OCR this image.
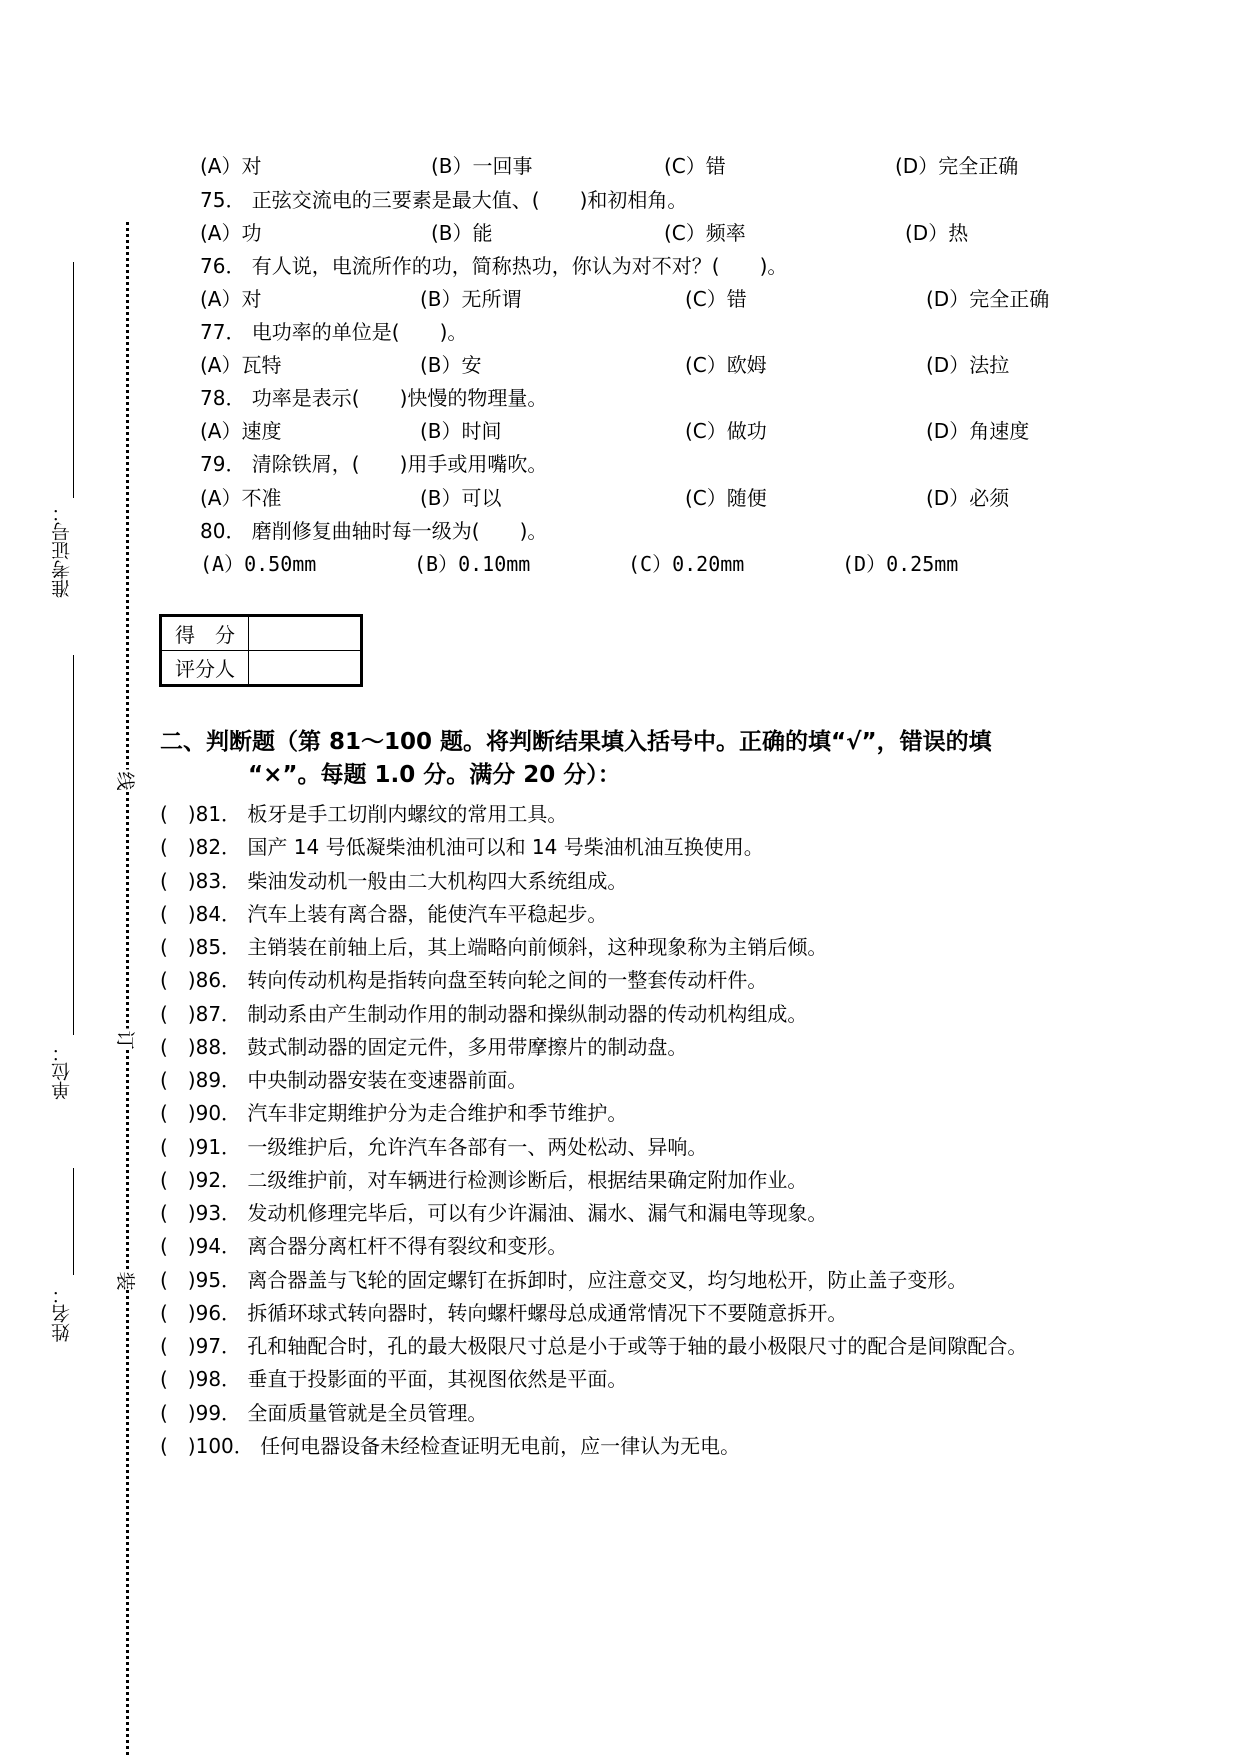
准考证号：
单位：
姓名：
线
订
装
(A）对	(B）一回事	(C）错	(D）完全正确
75． 正弦交流电的三要素是最大值、(　　)和初相角。
(A）功	(B）能	(C）频率	(D）热
76． 有人说，电流所作的功，简称热功，你认为对不对？(　　)。
(A）对	(B）无所谓	(C）错	(D）完全正确
77． 电功率的单位是(　　)。
(A）瓦特	(B）安	(C）欧姆	(D）法拉
78． 功率是表示(　　)快慢的物理量。
(A）速度	(B）时间	(C）做功	(D）角速度
79． 清除铁屑，(　　)用手或用嘴吹。
(A）不准	(B）可以	(C）随便	(D）必须
80． 磨削修复曲轴时每一级为(　　)。
(A）0.50mm	(B）0.10mm	(C）0.20mm	(D）0.25mm
得　分	
评分人	
二、判断题（第 81～100 题。将判断结果填入括号中。正确的填“√”，错误的填
“×”。每题 1.0 分。满分 20 分）：
(　)81． 板牙是手工切削内螺纹的常用工具。
(　)82． 国产 14 号低凝柴油机油可以和 14 号柴油机油互换使用。
(　)83． 柴油发动机一般由二大机构四大系统组成。
(　)84． 汽车上装有离合器，能使汽车平稳起步。
(　)85． 主销装在前轴上后，其上端略向前倾斜，这种现象称为主销后倾。
(　)86． 转向传动机构是指转向盘至转向轮之间的一整套传动杆件。
(　)87． 制动系由产生制动作用的制动器和操纵制动器的传动机构组成。
(　)88． 鼓式制动器的固定元件，多用带摩擦片的制动盘。
(　)89． 中央制动器安装在变速器前面。
(　)90． 汽车非定期维护分为走合维护和季节维护。
(　)91． 一级维护后，允许汽车各部有一、两处松动、异响。
(　)92． 二级维护前，对车辆进行检测诊断后，根据结果确定附加作业。
(　)93． 发动机修理完毕后，可以有少许漏油、漏水、漏气和漏电等现象。
(　)94． 离合器分离杠杆不得有裂纹和变形。
(　)95． 离合器盖与飞轮的固定螺钉在拆卸时，应注意交叉，均匀地松开，防止盖子变形。
(　)96． 拆循环球式转向器时，转向螺杆螺母总成通常情况下不要随意拆开。
(　)97． 孔和轴配合时，孔的最大极限尺寸总是小于或等于轴的最小极限尺寸的配合是间隙配合。
(　)98． 垂直于投影面的平面，其视图依然是平面。
(　)99． 全面质量管就是全员管理。
(　)100． 任何电器设备未经检查证明无电前，应一律认为无电。
